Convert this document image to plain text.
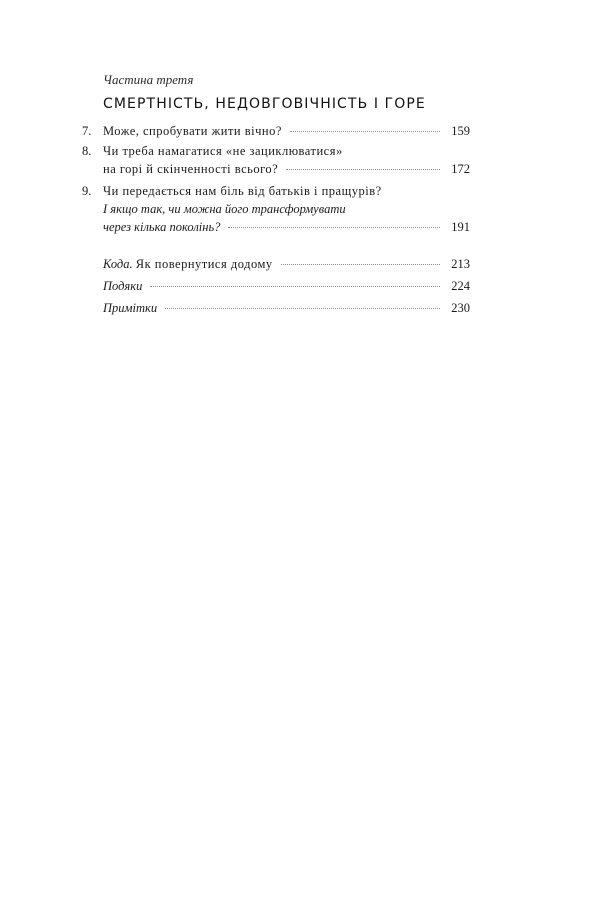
Частина третя
СМЕРТНІСТЬ, НЕДОВГОВІЧНІСТЬ І ГОРЕ
7. Може, спробувати жити вічно?	159
8. Чи треба намагатися «не зациклюватися»
на горі й скінченності всього?	172
9. Чи передається нам біль від батьків і пращурів?
І якщо так, чи можна його трансформувати
через кілька поколінь?	191
Кода.
Як повернутися додому	213
Подяки	224
Примітки	230
